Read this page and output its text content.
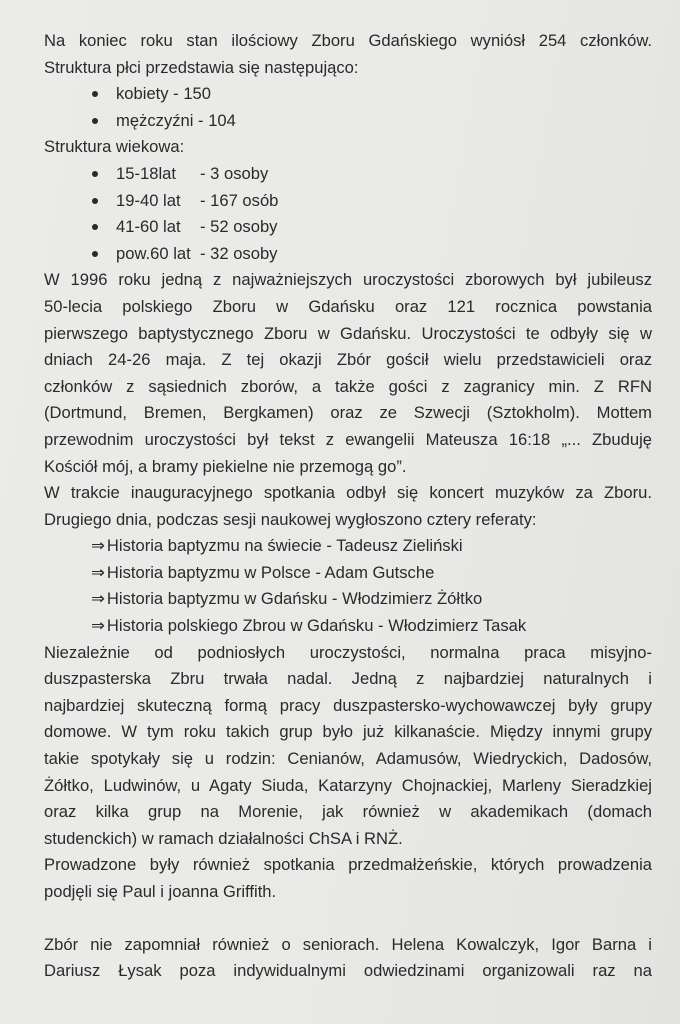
Na koniec roku stan ilościowy Zboru Gdańskiego wyniósł 254 członków.

Struktura płci przedstawia się następująco:

kobiety - 150
mężczyźni - 104

Struktura wiekowa:

15-18lat - 3 osoby
19-40 lat - 167 osób
41-60 lat - 52 osoby
pow.60 lat - 32 osoby

W 1996 roku jedną z najważniejszych uroczystości zborowych był jubileusz

50-lecia polskiego Zboru w Gdańsku oraz 121 rocznica powstania

pierwszego baptystycznego Zboru w Gdańsku. Uroczystości te odbyły się w

dniach 24-26 maja. Z tej okazji Zbór gościł wielu przedstawicieli oraz

członków z sąsiednich zborów, a także gości z zagranicy min. Z RFN

(Dortmund, Bremen, Bergkamen) oraz ze Szwecji (Sztokholm). Mottem

przewodnim uroczystości był tekst z ewangelii Mateusza 16:18 „... Zbuduję

Kościół mój, a bramy piekielne nie przemogą go”.

W trakcie inauguracyjnego spotkania odbył się koncert muzyków za Zboru.

Drugiego dnia, podczas sesji naukowej wygłoszono cztery referaty:

⇒ Historia baptyzmu na świecie - Tadeusz Zieliński
⇒ Historia baptyzmu w Polsce - Adam Gutsche
⇒ Historia baptyzmu w Gdańsku - Włodzimierz Żółtko
⇒ Historia polskiego Zbrou w Gdańsku - Włodzimierz Tasak

Niezależnie od podniosłych uroczystości, normalna praca misyjno-

duszpasterska Zbru trwała nadal. Jedną z najbardziej naturalnych i

najbardziej skuteczną formą pracy duszpastersko-wychowawczej były grupy

domowe. W tym roku takich grup było już kilkanaście. Między innymi grupy

takie spotykały się u rodzin: Cenianów, Adamusów, Wiedryckich, Dadosów,

Żółtko, Ludwinów, u Agaty Siuda, Katarzyny Chojnackiej, Marleny Sieradzkiej

oraz kilka grup na Morenie, jak również w akademikach (domach

studenckich) w ramach działalności ChSA i RNŻ.

Prowadzone były również spotkania przedmałżeńskie, których prowadzenia

podjęli się Paul i joanna Griffith.

Zbór nie zapomniał również o seniorach. Helena Kowalczyk, Igor Barna i

Dariusz Łysak poza indywidualnymi odwiedzinami organizowali raz na
